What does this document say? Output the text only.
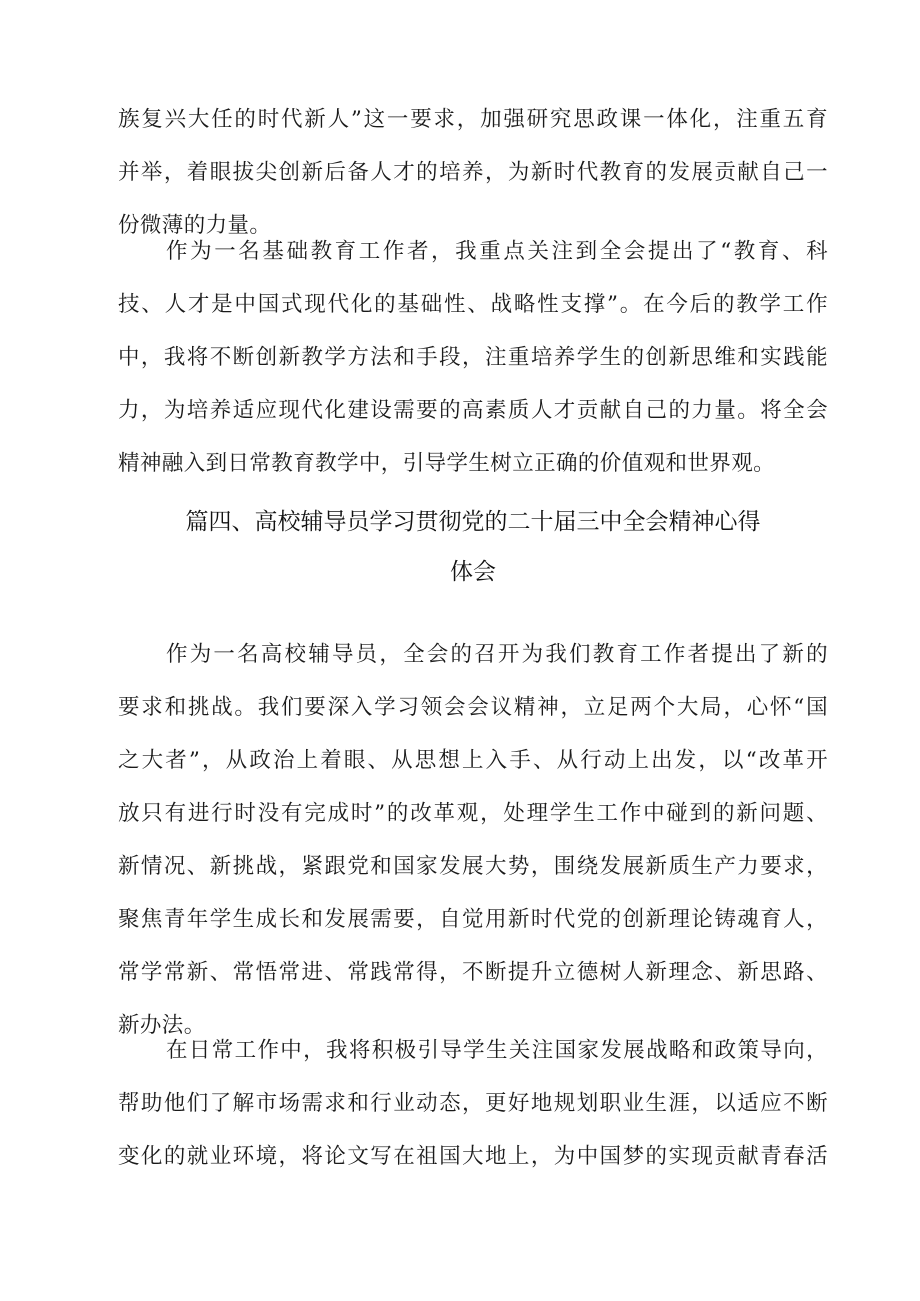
族复兴大任的时代新人”这一要求，加强研究思政课一体化，注重五育
并举，着眼拔尖创新后备人才的培养，为新时代教育的发展贡献自己一
份微薄的力量。
作为一名基础教育工作者，我重点关注到全会提出了“教育、科
技、人才是中国式现代化的基础性、战略性支撑”。在今后的教学工作
中，我将不断创新教学方法和手段，注重培养学生的创新思维和实践能
力，为培养适应现代化建设需要的高素质人才贡献自己的力量。将全会
精神融入到日常教育教学中，引导学生树立正确的价值观和世界观。
篇四、高校辅导员学习贯彻党的二十届三中全会精神心得
体会
作为一名高校辅导员，全会的召开为我们教育工作者提出了新的
要求和挑战。我们要深入学习领会会议精神，立足两个大局，心怀“国
之大者”，从政治上着眼、从思想上入手、从行动上出发，以“改革开
放只有进行时没有完成时”的改革观，处理学生工作中碰到的新问题、
新情况、新挑战，紧跟党和国家发展大势，围绕发展新质生产力要求，
聚焦青年学生成长和发展需要，自觉用新时代党的创新理论铸魂育人，
常学常新、常悟常进、常践常得，不断提升立德树人新理念、新思路、
新办法。
在日常工作中，我将积极引导学生关注国家发展战略和政策导向，
帮助他们了解市场需求和行业动态，更好地规划职业生涯，以适应不断
变化的就业环境，将论文写在祖国大地上，为中国梦的实现贡献青春活
